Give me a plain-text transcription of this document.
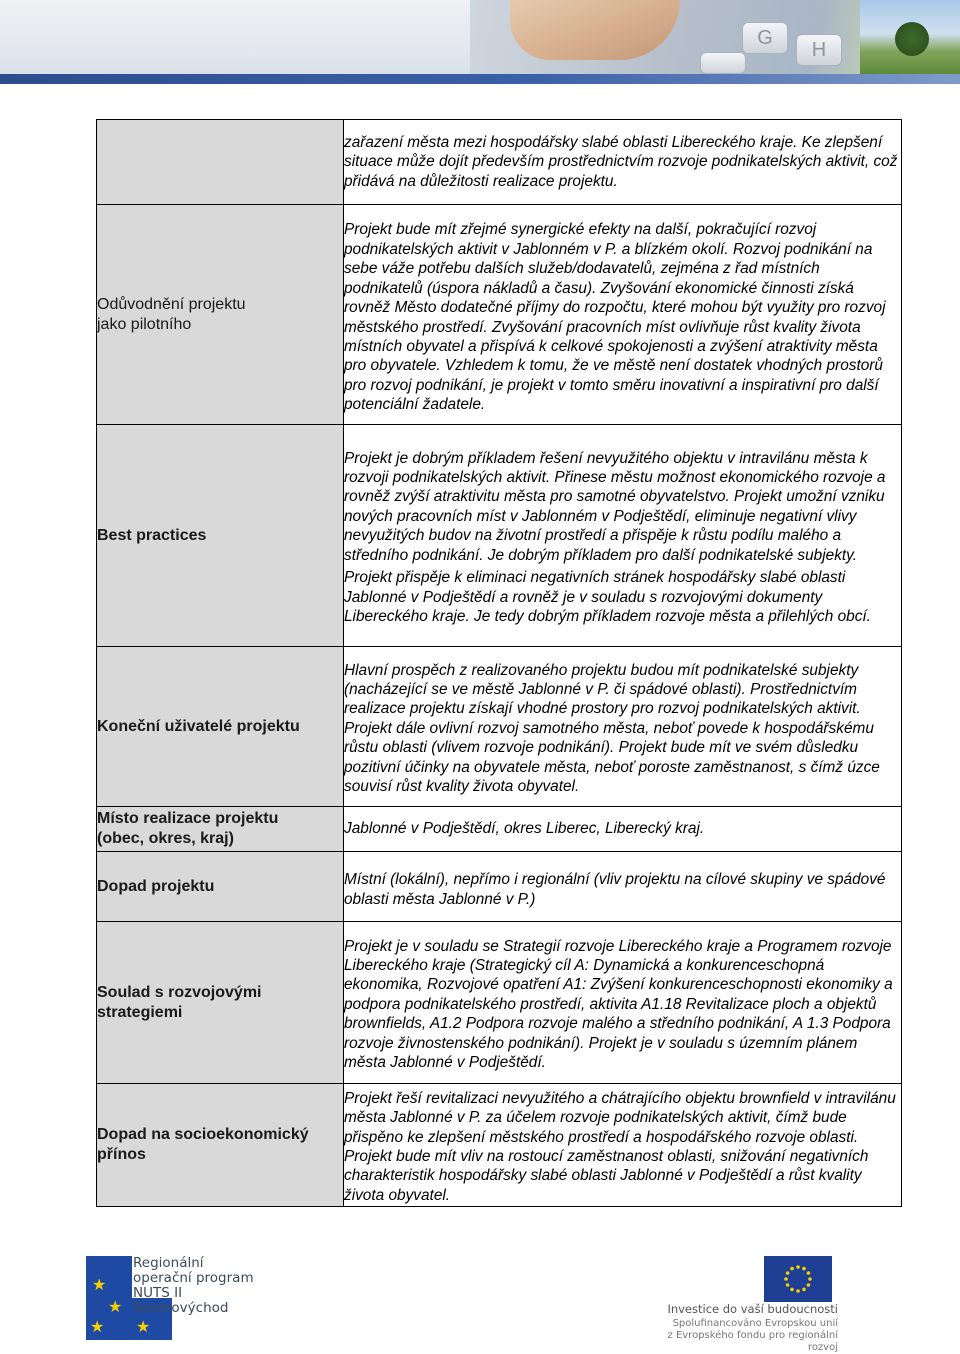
G
H
	zařazení města mezi hospodářsky slabé oblasti Libereckého kraje. Ke zlepšení situace může dojít především prostřednictvím rozvoje podnikatelských aktivit, což přidává na důležitosti realizace projektu.

Odůvodnění projektu
jako pilotního	Projekt bude mít zřejmé synergické efekty na další, pokračující rozvoj podnikatelských aktivit v Jablonném v P. a blízkém okolí. Rozvoj podnikání na sebe váže potřebu dalších služeb/dodavatelů, zejména z řad místních podnikatelů (úspora nákladů a času). Zvyšování ekonomické činnosti získá rovněž Město dodatečné příjmy do rozpočtu, které mohou být využity pro rozvoj městského prostředí. Zvyšování pracovních míst ovlivňuje růst kvality života místních obyvatel a přispívá k celkové spokojenosti a zvýšení atraktivity města pro obyvatele. Vzhledem k tomu, že ve městě není dostatek vhodných prostorů pro rozvoj podnikání, je projekt v tomto směru inovativní a inspirativní pro další potenciální žadatele.
Best practices	Projekt je dobrým příkladem řešení nevyužitého objektu v intravilánu města k rozvoji podnikatelských aktivit. Přinese městu možnost ekonomického rozvoje a rovněž zvýší atraktivitu města pro samotné obyvatelstvo. Projekt umožní vzniku nových pracovních míst v Jablonném v Podještědí, eliminuje negativní vlivy nevyužitých budov na životní prostředí a přispěje k růstu podílu malého a středního podnikání. Je dobrým příkladem pro další podnikatelské subjekty.
Projekt přispěje k eliminaci negativních stránek hospodářsky slabé oblasti Jablonné v Podještědí a rovněž je v souladu s rozvojovými dokumenty Libereckého kraje. Je tedy dobrým příkladem rozvoje města a přilehlých obcí.

Koneční uživatelé projektu	Hlavní prospěch z realizovaného projektu budou mít podnikatelské subjekty (nacházející se ve městě Jablonné v P. či spádové oblasti). Prostřednictvím realizace projektu získají vhodné prostory pro rozvoj podnikatelských aktivit. Projekt dále ovlivní rozvoj samotného města, neboť povede k hospodářskému růstu oblasti (vlivem rozvoje podnikání). Projekt bude mít ve svém důsledku pozitivní účinky na obyvatele města, neboť poroste zaměstnanost, s čímž úzce souvisí růst kvality života obyvatel.

Místo realizace projektu
(obec, okres, kraj)	Jablonné v Podještědí, okres Liberec, Liberecký kraj.
Dopad projektu	Místní (lokální), nepřímo i regionální (vliv projektu na cílové skupiny ve spádové oblasti města Jablonné v P.)

Soulad s rozvojovými
strategiemi	Projekt je v souladu se Strategií rozvoje Libereckého kraje a Programem rozvoje Libereckého kraje (Strategický cíl A: Dynamická a konkurenceschopná ekonomika, Rozvojové opatření A1: Zvýšení konkurenceschopnosti ekonomiky a podpora podnikatelského prostředí, aktivita A1.18 Revitalizace ploch a objektů brownfields, A1.2 Podpora rozvoje malého a středního podnikání, A 1.3 Podpora rozvoje živnostenského podnikání). Projekt je v souladu s územním plánem města Jablonné v Podještědí.

Dopad na socioekonomický
přínos	Projekt řeší revitalizaci nevyužitého a chátrajícího objektu brownfield v intravilánu města Jablonné v P. za účelem rozvoje podnikatelských aktivit, čímž bude přispěno ke zlepšení městského prostředí a hospodářského rozvoje oblasti. Projekt bude mít vliv na rostoucí zaměstnanost oblasti, snižování negativních charakteristik hospodářsky slabé oblasti Jablonné v Podještědí a růst kvality života obyvatel.
★
★
★ ★
Regionální
operační program
NUTS II Severovýchod	Investice do vaší budoucnosti
Spolufinancováno Evropskou unií
z Evropského fondu pro regionální rozvoj
